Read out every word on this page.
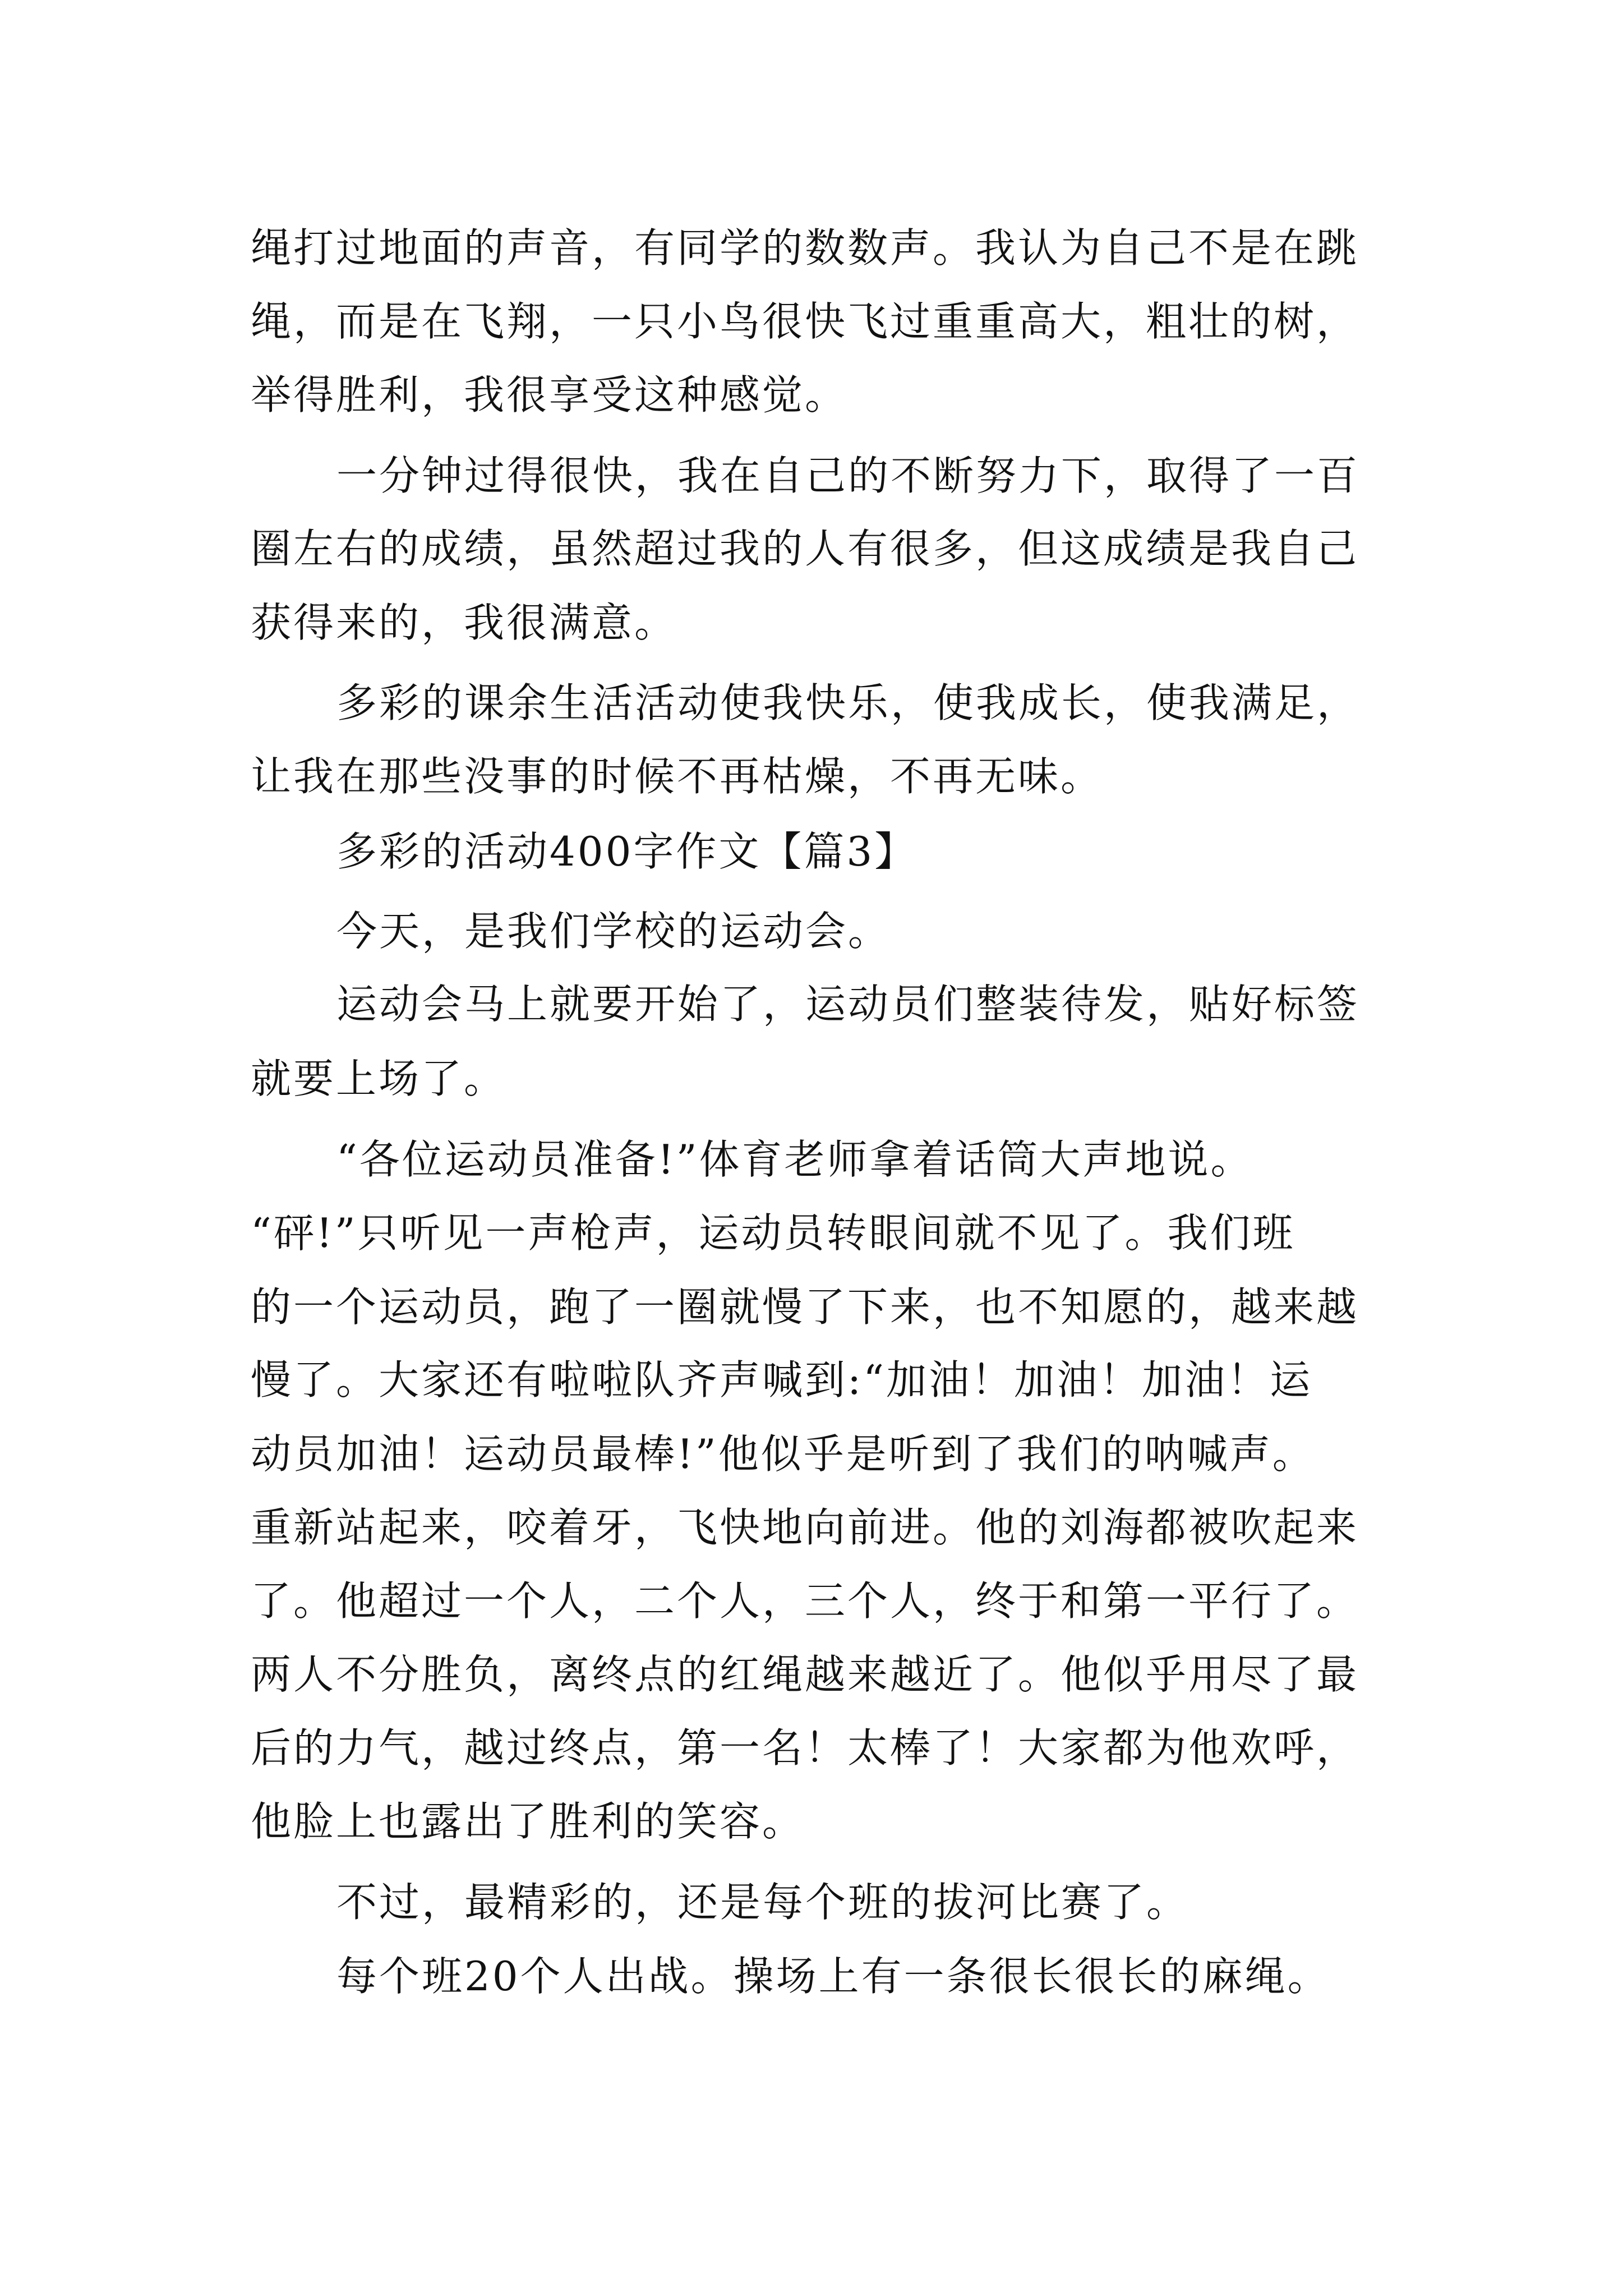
绳打过地面的声音，有同学的数数声。我认为自己不是在跳
绳，而是在飞翔，一只小鸟很快飞过重重高大，粗壮的树，
举得胜利，我很享受这种感觉。
一分钟过得很快，我在自己的不断努力下，取得了一百
圈左右的成绩，虽然超过我的人有很多，但这成绩是我自己
获得来的，我很满意。
多彩的课余生活活动使我快乐，使我成长，使我满足，
让我在那些没事的时候不再枯燥，不再无味。
多彩的活动400字作文【篇3】
今天，是我们学校的运动会。
运动会马上就要开始了，运动员们整装待发，贴好标签
就要上场了。
“各位运动员准备!”体育老师拿着话筒大声地说。
“砰!”只听见一声枪声，运动员转眼间就不见了。我们班
的一个运动员，跑了一圈就慢了下来，也不知愿的，越来越
慢了。大家还有啦啦队齐声喊到:“加油！加油！加油！运
动员加油！运动员最棒!”他似乎是听到了我们的呐喊声。
重新站起来，咬着牙，飞快地向前进。他的刘海都被吹起来
了。他超过一个人，二个人，三个人，终于和第一平行了。
两人不分胜负，离终点的红绳越来越近了。他似乎用尽了最
后的力气，越过终点，第一名！太棒了！大家都为他欢呼，
他脸上也露出了胜利的笑容。
不过，最精彩的，还是每个班的拔河比赛了。
每个班20个人出战。操场上有一条很长很长的麻绳。
